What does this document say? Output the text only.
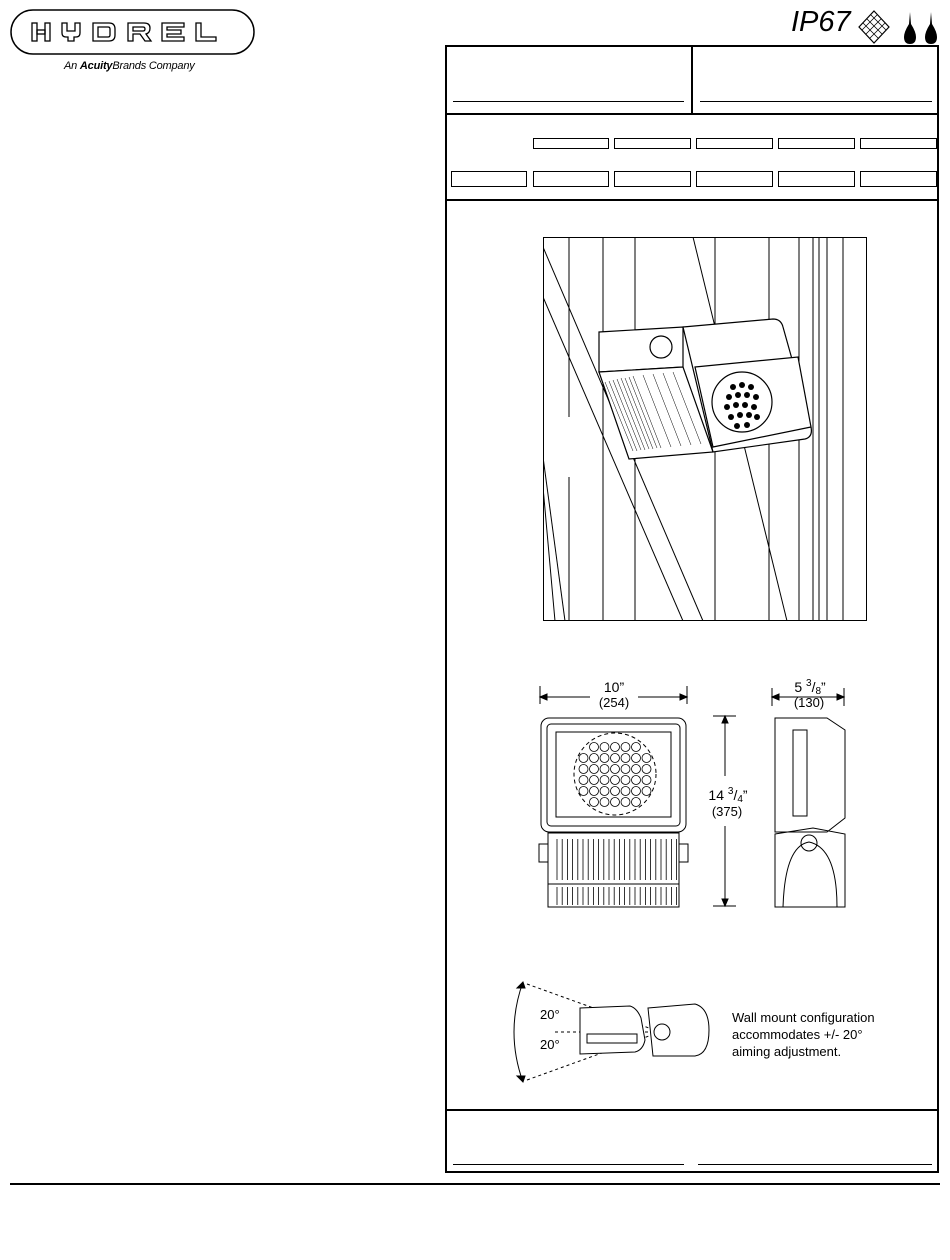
An AcuityBrands Company
IP67
10”
(254)
5 $^3/_8$”
(130)
14 $^3/_4$”
(375)
20°
20°
Wall mount configuration
accommodates +/- 20°
aiming adjustment.
